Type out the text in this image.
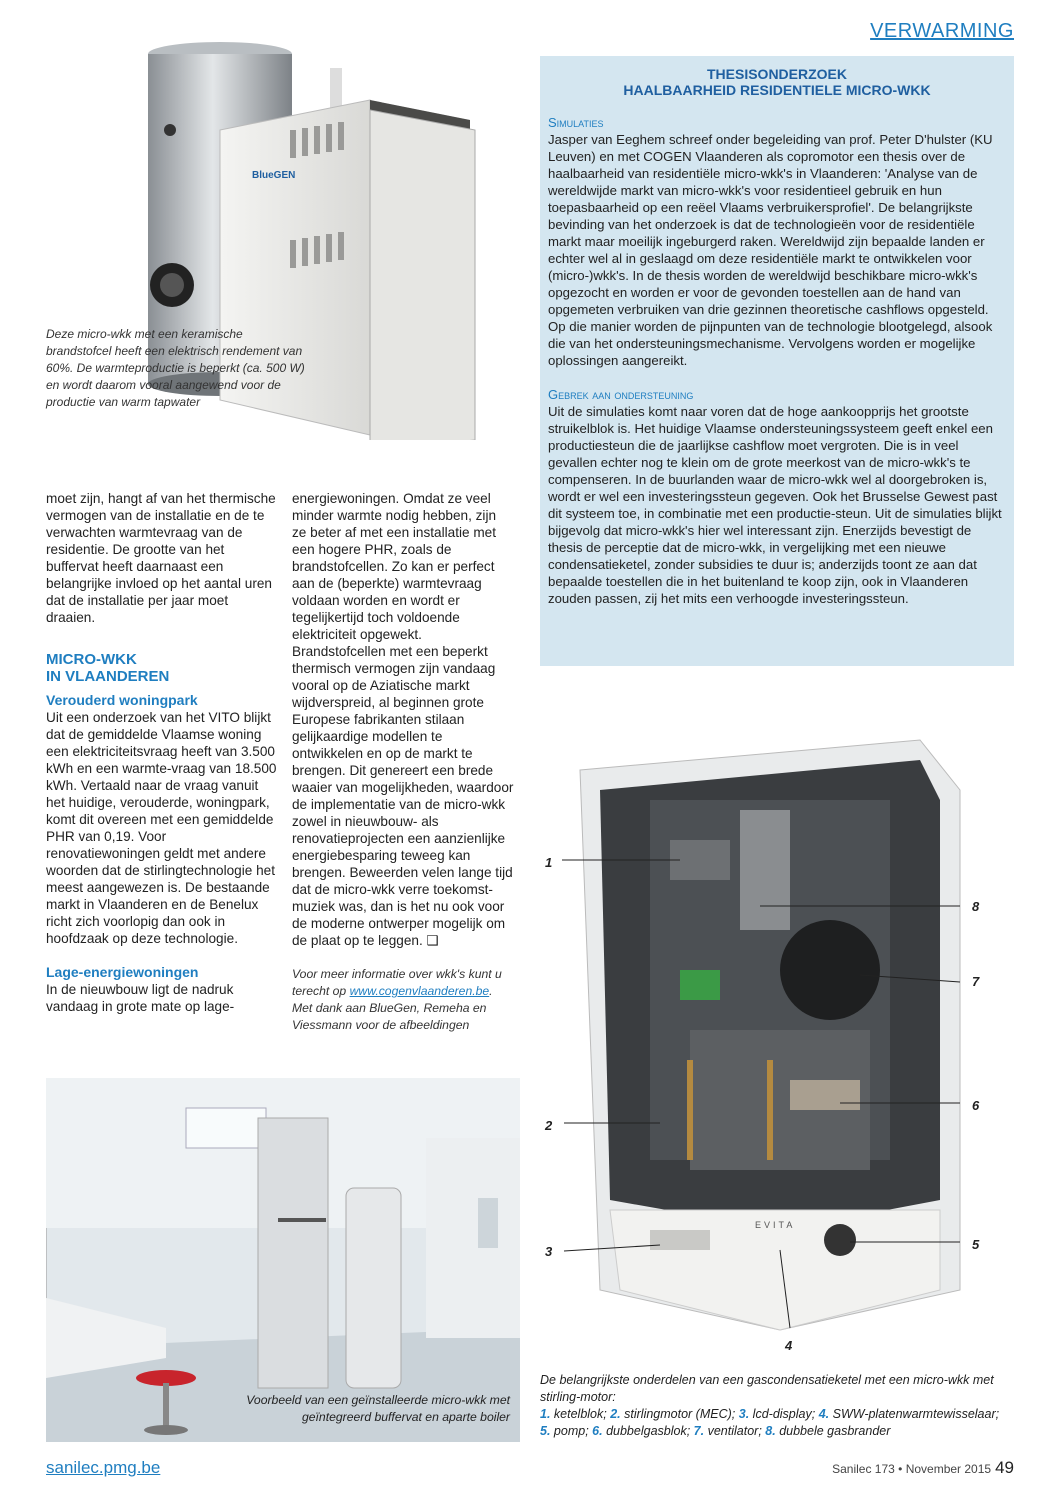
VERWARMING
BlueGEN
Deze micro-wkk met een keramische brandstofcel heeft een elektrisch rendement van 60%. De warmteproductie is beperkt (ca. 500 W) en wordt daarom vooral aangewend voor de productie van warm tapwater

moet zijn, hangt af van het thermische vermogen van de installatie en de te verwachten warmtevraag van de residentie. De grootte van het buffervat heeft daarnaast een belangrijke invloed op het aantal uren dat de installatie per jaar moet draaien.

MICRO-WKK

IN VLAANDEREN

Verouderd woningpark

Uit een onderzoek van het VITO blijkt dat de gemiddelde Vlaamse woning een elektriciteitsvraag heeft van 3.500 kWh en een warmte-vraag van 18.500 kWh. Vertaald naar de vraag vanuit het huidige, verouderde, woningpark, komt dit overeen met een gemiddelde PHR van 0,19. Voor renovatiewoningen geldt met andere woorden dat de stirlingtechnologie het meest aangewezen is. De bestaande markt in Vlaanderen en de Benelux richt zich voorlopig dan ook in hoofdzaak op deze technologie.

Lage-energiewoningen

In de nieuwbouw ligt de nadruk vandaag in grote mate op lage-

energiewoningen. Omdat ze veel minder warmte nodig hebben, zijn ze beter af met een installatie met een hogere PHR, zoals de brandstofcellen. Zo kan er perfect aan de (beperkte) warmtevraag voldaan worden en wordt er tegelijkertijd toch voldoende elektriciteit opgewekt. Brandstofcellen met een beperkt thermisch vermogen zijn vandaag vooral op de Aziatische markt wijdverspreid, al beginnen grote Europese fabrikanten stilaan gelijkaardige modellen te ontwikkelen en op de markt te brengen. Dit genereert een brede waaier van mogelijkheden, waardoor de implementatie van de micro-wkk zowel in nieuwbouw- als renovatieprojecten een aanzienlijke energiebesparing teweeg kan brengen. Beweerden velen lange tijd dat de micro-wkk verre toekomst-muziek was, dan is het nu ook voor de moderne ontwerper mogelijk om de plaat op te leggen. ❑

Voor meer informatie over wkk's kunt u terecht op www.cogenvlaanderen.be. Met dank aan BlueGen, Remeha en Viessmann voor de afbeeldingen

THESISONDERZOEK
HAALBAARHEID RESIDENTIELE MICRO-WKK

Simulaties

Jasper van Eeghem schreef onder begeleiding van prof. Peter D'hulster (KU Leuven) en met COGEN Vlaanderen als copromotor een thesis over de haalbaarheid van residentiële micro-wkk's in Vlaanderen: 'Analyse van de wereldwijde markt van micro-wkk's voor residentieel gebruik en hun toepasbaarheid op een reëel Vlaams verbruikersprofiel'. De belangrijkste bevinding van het onderzoek is dat de technologieën voor de residentiële markt maar moeilijk ingeburgerd raken. Wereldwijd zijn bepaalde landen er echter wel al in geslaagd om deze residentiële markt te ontwikkelen voor (micro-)wkk's. In de thesis worden de wereldwijd beschikbare micro-wkk's opgezocht en worden er voor de gevonden toestellen aan de hand van opgemeten verbruiken van drie gezinnen theoretische cashflows opgesteld. Op die manier worden de pijnpunten van de technologie blootgelegd, alsook die van het ondersteuningsmechanisme. Vervolgens worden er mogelijke oplossingen aangereikt.

Gebrek aan ondersteuning

Uit de simulaties komt naar voren dat de hoge aankoopprijs het grootste struikelblok is. Het huidige Vlaamse ondersteuningssysteem geeft enkel een productiesteun die de jaarlijkse cashflow moet vergroten. Die is in veel gevallen echter nog te klein om de grote meerkost van de micro-wkk's te compenseren. In de buurlanden waar de micro-wkk wel al doorgebroken is, wordt er wel een investeringssteun gegeven. Ook het Brusselse Gewest past dit systeem toe, in combinatie met een productie-steun. Uit de simulaties blijkt bijgevolg dat micro-wkk's hier wel interessant zijn. Enerzijds bevestigt de thesis de perceptie dat de micro-wkk, in vergelijking met een nieuwe condensatieketel, zonder subsidies te duur is; anderzijds toont ze aan dat bepaalde toestellen die in het buitenland te koop zijn, ook in Vlaanderen zouden passen, zij het mits een verhoogde investeringssteun.

Voorbeeld van een geïnstalleerde micro-wkk met geïntegreerd buffervat en aparte boiler
EVITA
1
2
3
4
5
6
7
8
De belangrijkste onderdelen van een gascondensatieketel met een micro-wkk met stirling-motor:
1. ketelblok; 2. stirlingmotor (MEC); 3. lcd-display; 4. SWW-platenwarmtewisselaar;
5. pomp; 6. dubbelgasblok; 7. ventilator; 8. dubbele gasbrander
sanilec.pmg.be	Sanilec 173 • November 2015 49
